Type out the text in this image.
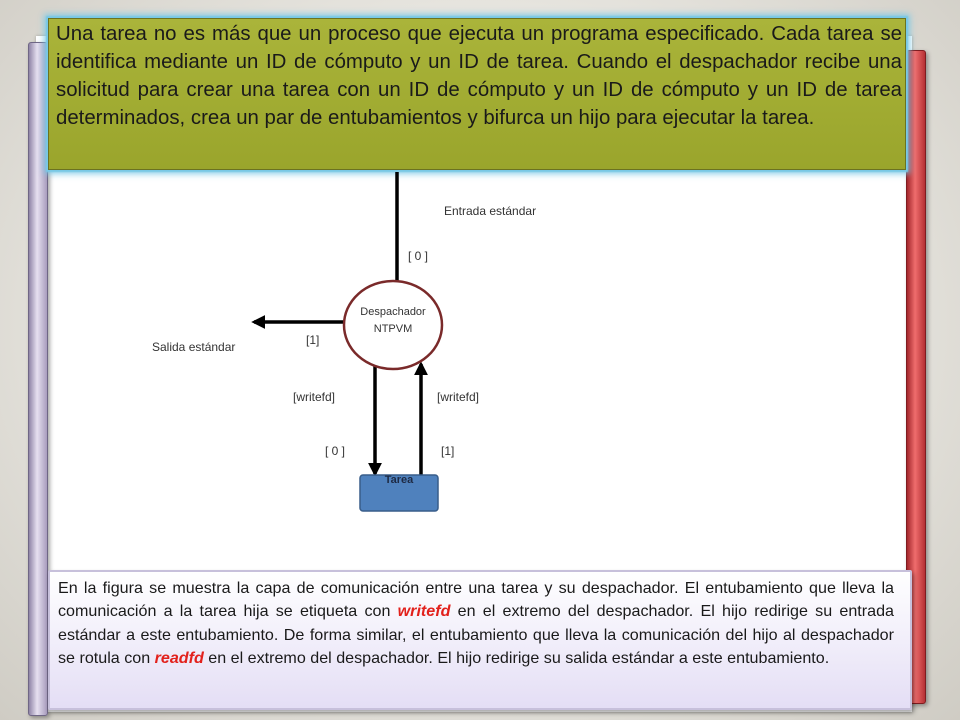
Una tarea no es más que un proceso que ejecuta un programa especificado. Cada tarea se identifica mediante un ID de cómputo y un ID de tarea. Cuando el despachador recibe una solicitud para crear una tarea con un ID de cómputo y un ID de cómputo y un ID de tarea determinados, crea un par de entubamientos y bifurca un hijo para ejecutar la tarea.

Entrada estándar
[ 0 ]
Despachador
NTPVM
[1]
Salida estándar
[writefd]	[writefd]
[ 0 ]	[1]
Tarea

En la figura se muestra la capa de comunicación entre una tarea y su despachador. El entubamiento que lleva la comunicación a la tarea hija se etiqueta con writefd en el extremo del despachador. El hijo redirige su entrada estándar a este entubamiento. De forma similar, el entubamiento que lleva la comunicación del hijo al despachador se rotula con readfd en el extremo del despachador. El hijo redirige su salida estándar a este entubamiento.
